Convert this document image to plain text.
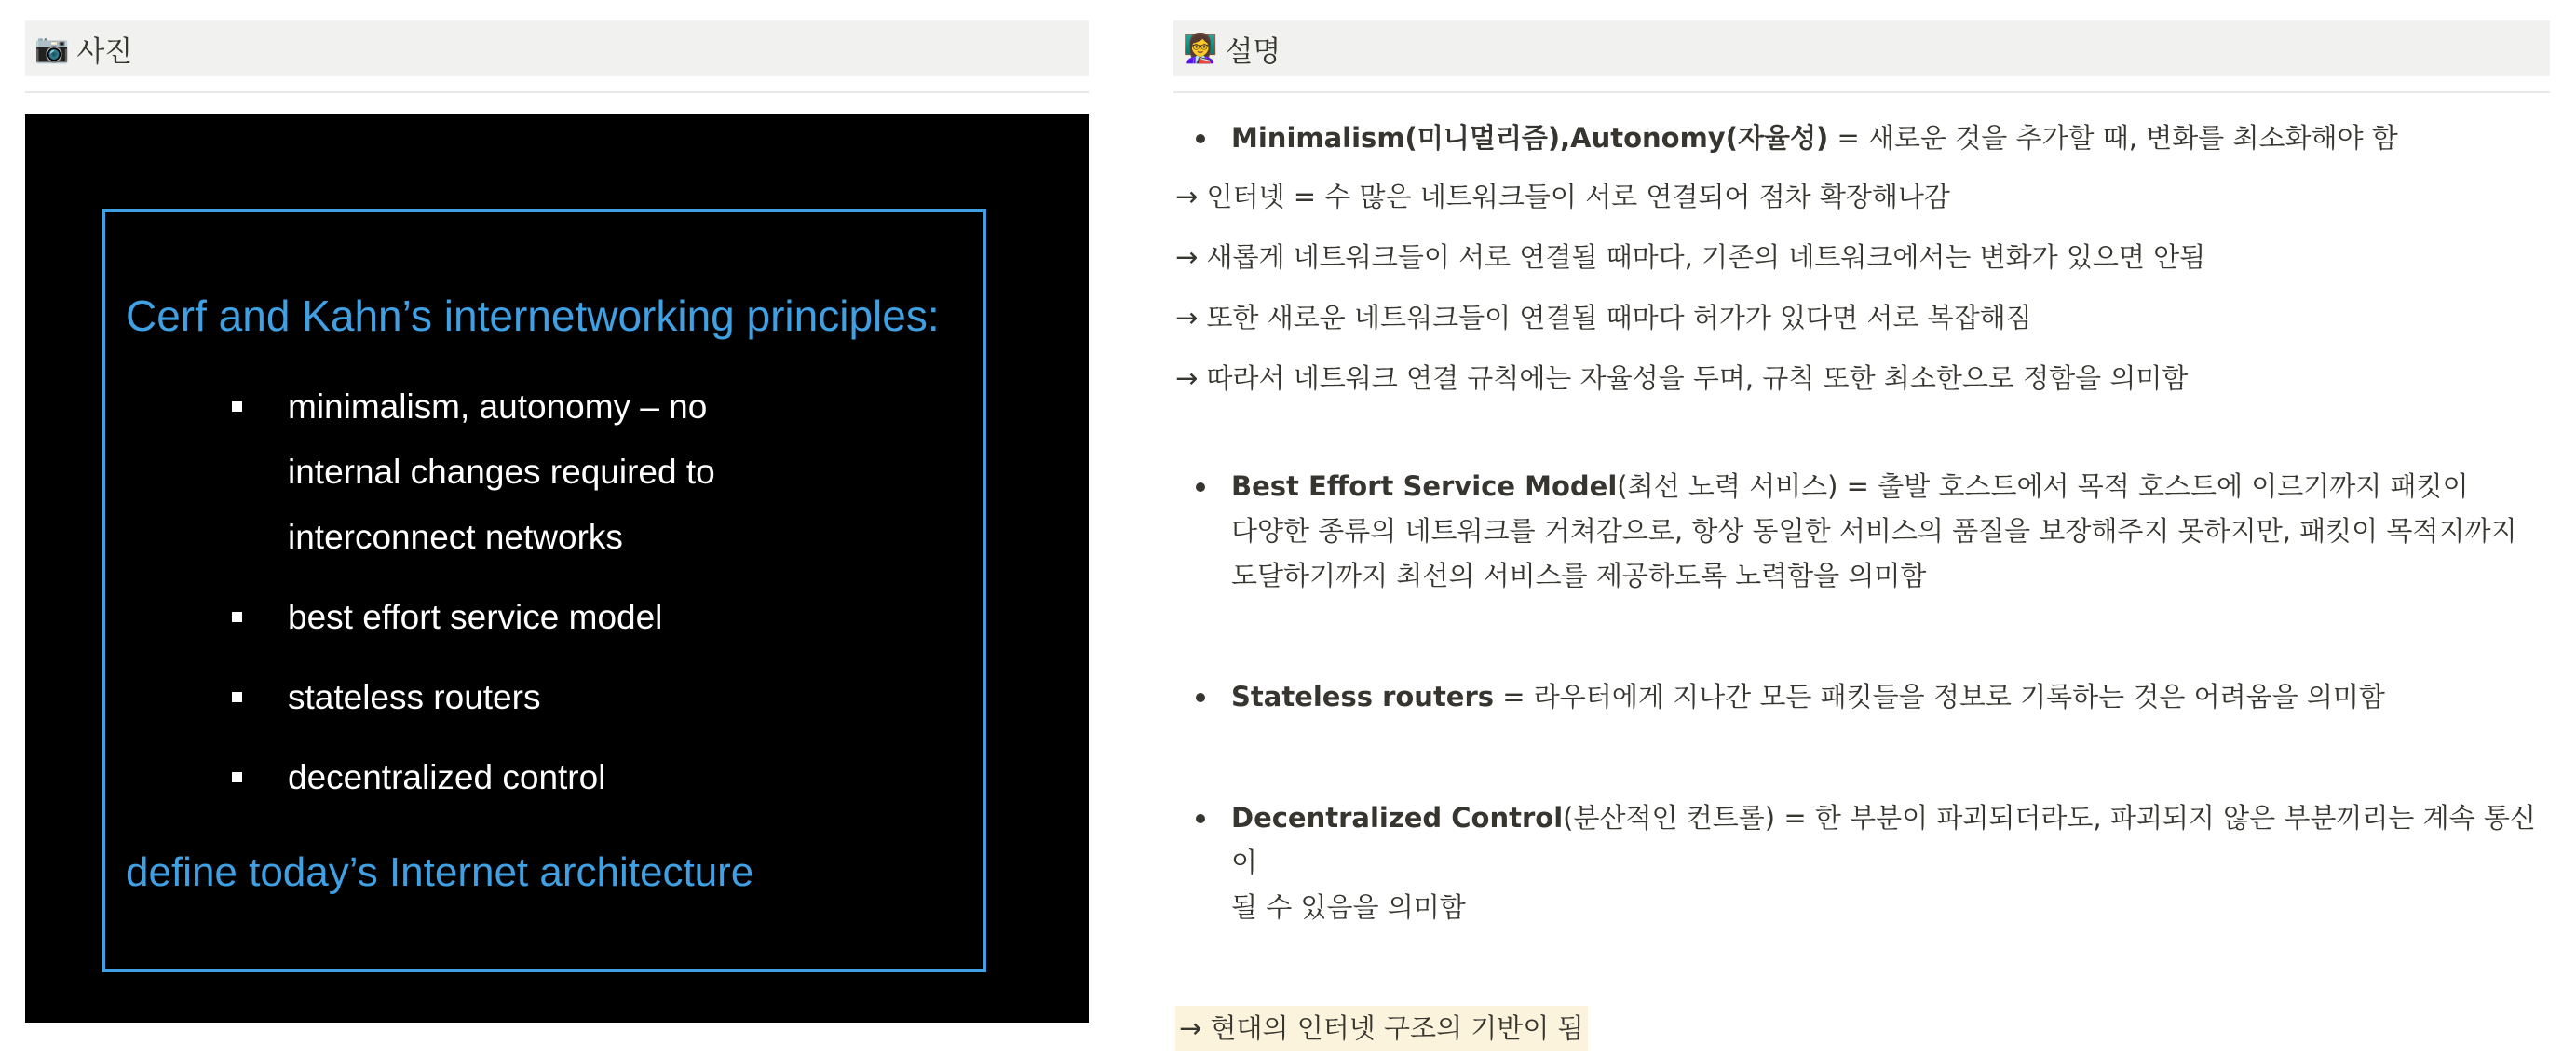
📷 사진	👩‍🏫 설명
Cerf and Kahn’s internetworking principles:
minimalism, autonomy – no internal changes required to interconnect networks
best effort service model
stateless routers
decentralized control
define today’s Internet architecture

Minimalism(미니멀리즘),Autonomy(자율성) = 새로운 것을 추가할 때, 변화를 최소화해야 함

→ 인터넷 = 수 많은 네트워크들이 서로 연결되어 점차 확장해나감

→ 새롭게 네트워크들이 서로 연결될 때마다, 기존의 네트워크에서는 변화가 있으면 안됨

→ 또한 새로운 네트워크들이 연결될 때마다 허가가 있다면 서로 복잡해짐

→ 따라서 네트워크 연결 규칙에는 자율성을 두며, 규칙 또한 최소한으로 정함을 의미함

Best Effort Service Model(최선 노력 서비스) = 출발 호스트에서 목적 호스트에 이르기까지 패킷이
다양한 종류의 네트워크를 거쳐감으로, 항상 동일한 서비스의 품질을 보장해주지 못하지만, 패킷이 목적지까지
도달하기까지 최선의 서비스를 제공하도록 노력함을 의미함

Stateless routers = 라우터에게 지나간 모든 패킷들을 정보로 기록하는 것은 어려움을 의미함

Decentralized Control(분산적인 컨트롤) = 한 부분이 파괴되더라도, 파괴되지 않은 부분끼리는 계속 통신이
될 수 있음을 의미함

→ 현대의 인터넷 구조의 기반이 됨
